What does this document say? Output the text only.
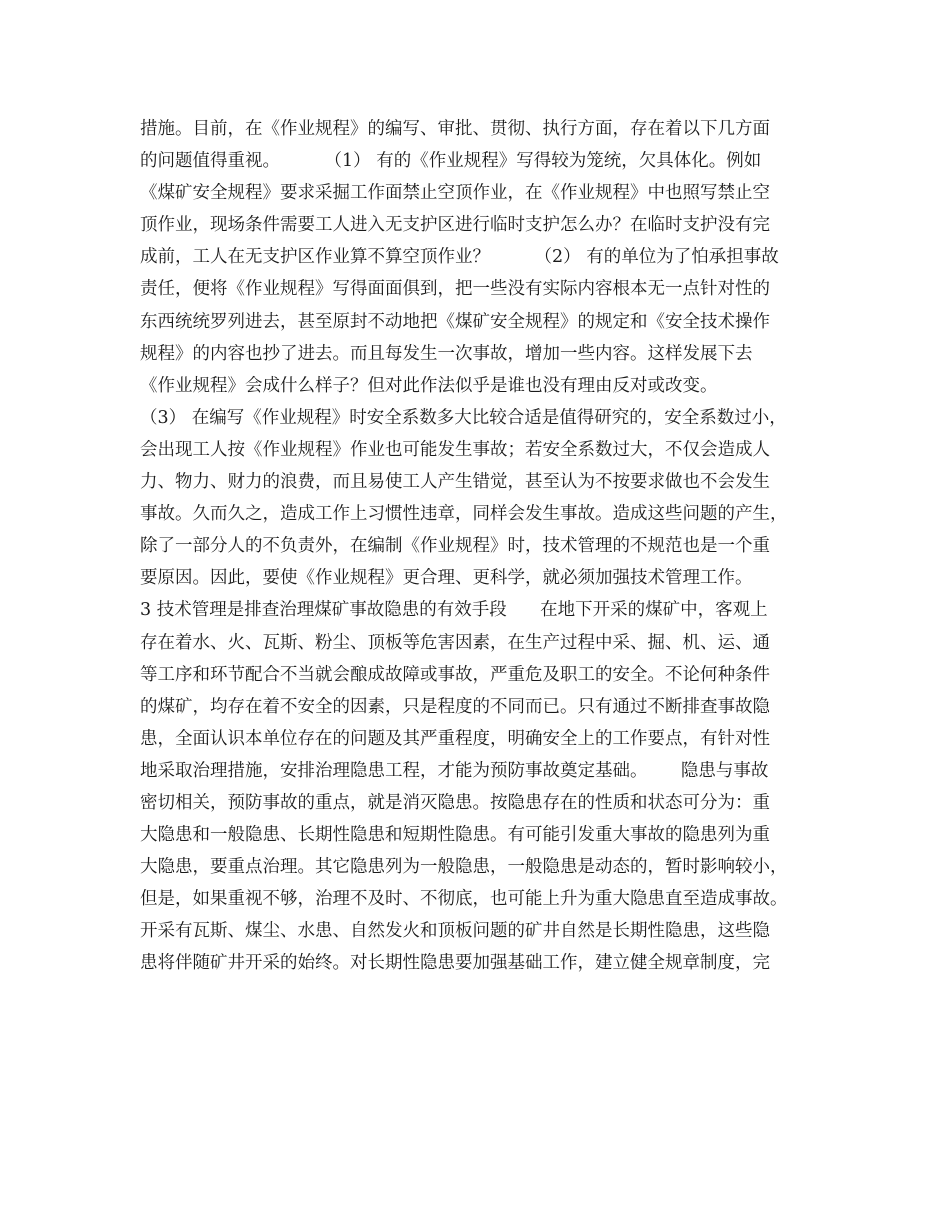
措施。目前，在《作业规程》的编写、审批、贯彻、执行方面，存在着以下几方面
的问题值得重视。        （1） 有的《作业规程》写得较为笼统，欠具体化。例如
《煤矿安全规程》要求采掘工作面禁止空顶作业，在《作业规程》中也照写禁止空
顶作业，现场条件需要工人进入无支护区进行临时支护怎么办？在临时支护没有完
成前，工人在无支护区作业算不算空顶作业？        （2） 有的单位为了怕承担事故
责任，便将《作业规程》写得面面俱到，把一些没有实际内容根本无一点针对性的
东西统统罗列进去，甚至原封不动地把《煤矿安全规程》的规定和《安全技术操作
规程》的内容也抄了进去。而且每发生一次事故，增加一些内容。这样发展下去
《作业规程》会成什么样子？但对此作法似乎是谁也没有理由反对或改变。
（3） 在编写《作业规程》时安全系数多大比较合适是值得研究的，安全系数过小，
会出现工人按《作业规程》作业也可能发生事故；若安全系数过大，不仅会造成人
力、物力、财力的浪费，而且易使工人产生错觉，甚至认为不按要求做也不会发生
事故。久而久之，造成工作上习惯性违章，同样会发生事故。造成这些问题的产生，
除了一部分人的不负责外，在编制《作业规程》时，技术管理的不规范也是一个重
要原因。因此，要使《作业规程》更合理、更科学，就必须加强技术管理工作。
3 技术管理是排查治理煤矿事故隐患的有效手段      在地下开采的煤矿中，客观上
存在着水、火、瓦斯、粉尘、顶板等危害因素，在生产过程中采、掘、机、运、通
等工序和环节配合不当就会酿成故障或事故，严重危及职工的安全。不论何种条件
的煤矿，均存在着不安全的因素，只是程度的不同而已。只有通过不断排查事故隐
患，全面认识本单位存在的问题及其严重程度，明确安全上的工作要点，有针对性
地采取治理措施，安排治理隐患工程，才能为预防事故奠定基础。      隐患与事故
密切相关，预防事故的重点，就是消灭隐患。按隐患存在的性质和状态可分为：重
大隐患和一般隐患、长期性隐患和短期性隐患。有可能引发重大事故的隐患列为重
大隐患，要重点治理。其它隐患列为一般隐患，一般隐患是动态的，暂时影响较小，
但是，如果重视不够，治理不及时、不彻底，也可能上升为重大隐患直至造成事故。
开采有瓦斯、煤尘、水患、自然发火和顶板问题的矿井自然是长期性隐患，这些隐
患将伴随矿井开采的始终。对长期性隐患要加强基础工作，建立健全规章制度，完
